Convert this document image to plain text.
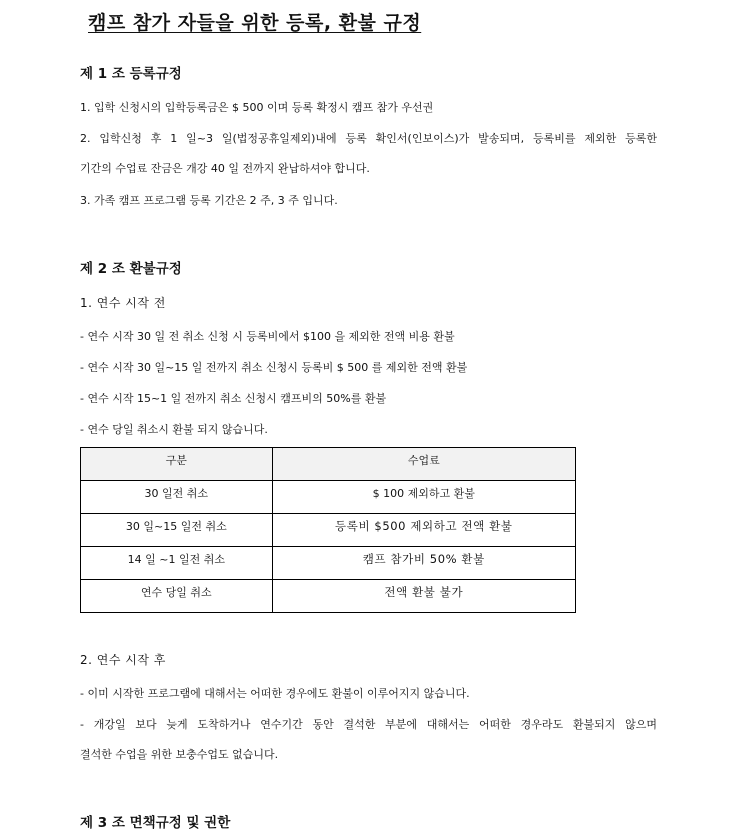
캠프 참가 자들을 위한 등록, 환불 규정
제 1 조 등록규정
1. 입학 신청시의 입학등록금은 $ 500 이며 등록 확정시 캠프 참가 우선권
2. 입학신청 후 1 일~3 일(법정공휴일제외)내에 등록 확인서(인보이스)가 발송되며, 등록비를 제외한 등록한
기간의 수업료 잔금은 개강 40 일 전까지 완납하셔야 합니다.
3. 가족 캠프 프로그램 등록 기간은 2 주, 3 주 입니다.
제 2 조 환불규정
1. 연수 시작 전
- 연수 시작 30 일 전 취소 신청 시 등록비에서 $100 을 제외한 전액 비용 환불
- 연수 시작 30 일~15 일 전까지 취소 신청시 등록비 $ 500 를 제외한 전액 환불
- 연수 시작 15~1 일 전까지 취소 신청시 캠프비의 50%를 환불
- 연수 당일 취소시 환불 되지 않습니다.
구분	수업료
30 일전 취소	$ 100 제외하고 환불
30 일~15 일전 취소	등록비 $500 제외하고 전액 환불
14 일 ~1 일전 취소	캠프 참가비 50% 환불
연수 당일 취소	전액 환불 불가
2. 연수 시작 후
- 이미 시작한 프로그램에 대해서는 어떠한 경우에도 환불이 이루어지지 않습니다.
- 개강일 보다 늦게 도착하거나 연수기간 동안 결석한 부분에 대해서는 어떠한 경우라도 환불되지 않으며
결석한 수업을 위한 보충수업도 없습니다.
제 3 조 면책규정 및 권한
